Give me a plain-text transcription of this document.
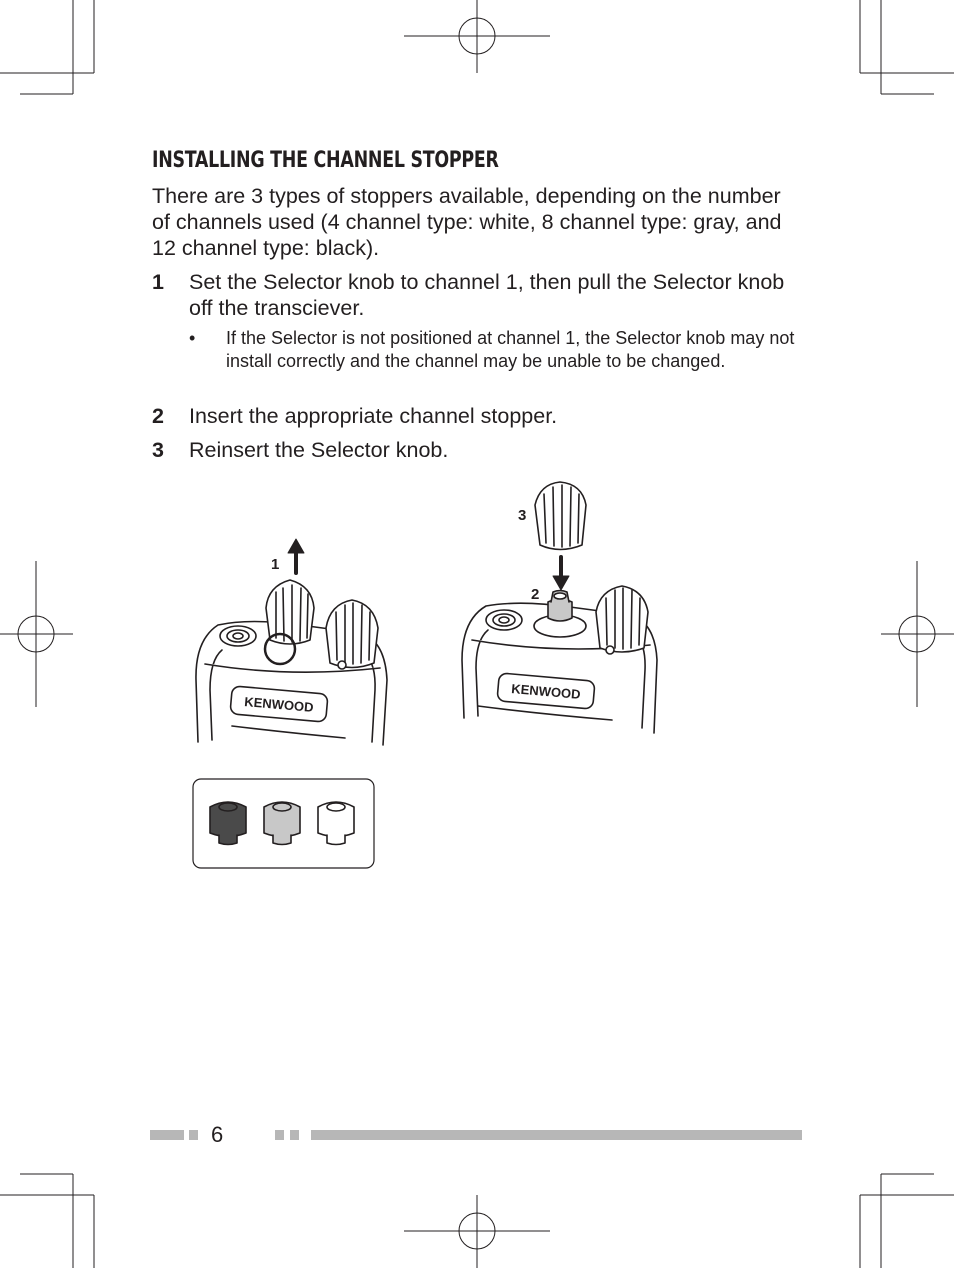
INSTALLING THE CHANNEL STOPPER

There are 3 types of stoppers available, depending on the number of channels used (4 channel type: white, 8 channel type: gray, and 12 channel type: black).

1 Set the Selector knob to channel 1, then pull the Selector knob off the transciever.
• If the Selector is not positioned at channel 1, the Selector knob may not install correctly and the channel may be unable to be changed.
2 Insert the appropriate channel stopper.
3 Reinsert the Selector knob.
KENWOOD
1
KENWOOD
3
2
6
